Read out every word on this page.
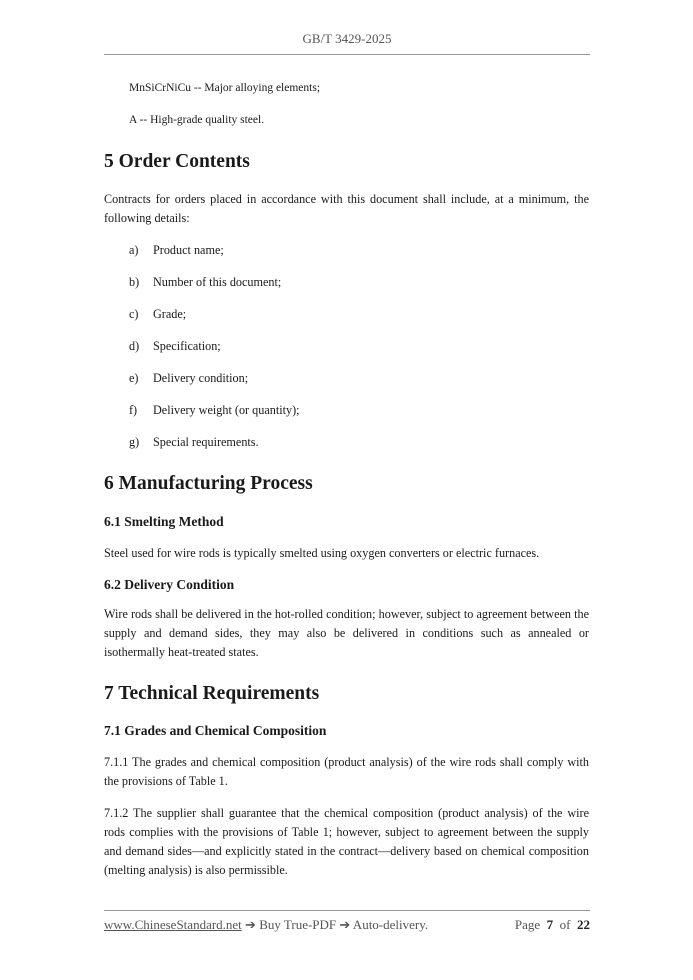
GB/T 3429-2025
MnSiCrNiCu -- Major alloying elements;
A -- High-grade quality steel.
5 Order Contents
Contracts for orders placed in accordance with this document shall include, at a minimum, the following details:
a)	Product name;
b)	Number of this document;
c)	Grade;
d)	Specification;
e)	Delivery condition;
f)	Delivery weight (or quantity);
g)	Special requirements.
6 Manufacturing Process
6.1 Smelting Method
Steel used for wire rods is typically smelted using oxygen converters or electric furnaces.
6.2 Delivery Condition
Wire rods shall be delivered in the hot-rolled condition; however, subject to agreement between the supply and demand sides, they may also be delivered in conditions such as annealed or isothermally heat-treated states.
7 Technical Requirements
7.1 Grades and Chemical Composition
7.1.1 The grades and chemical composition (product analysis) of the wire rods shall comply with the provisions of Table 1.
7.1.2 The supplier shall guarantee that the chemical composition (product analysis) of the wire rods complies with the provisions of Table 1; however, subject to agreement between the supply and demand sides—and explicitly stated in the contract—delivery based on chemical composition (melting analysis) is also permissible.
www.ChineseStandard.net ➔ Buy True-PDF ➔ Auto-delivery.	Page 7 of 22
